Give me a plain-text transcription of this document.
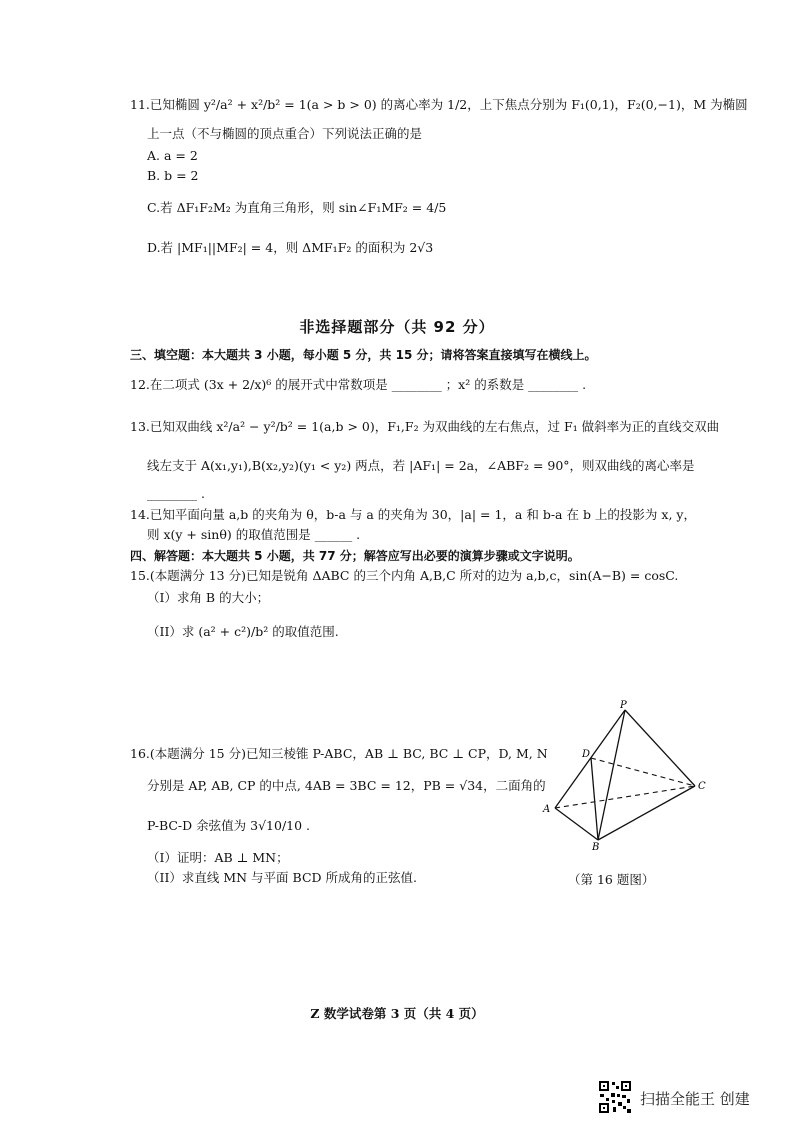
11.已知椭圆 y²/a² + x²/b² = 1(a > b > 0) 的离心率为 1/2，上下焦点分别为 F₁(0,1)，F₂(0,−1)，M 为椭圆
上一点（不与椭圆的顶点重合）下列说法正确的是
A. a = 2
B. b = 2
C.若 ΔF₁F₂M₂ 为直角三角形，则 sin∠F₁MF₂ = 4/5
D.若 |MF₁||MF₂| = 4，则 ΔMF₁F₂ 的面积为 2√3
非选择题部分（共 92 分）
三、填空题：本大题共 3 小题，每小题 5 分，共 15 分；请将答案直接填写在横线上。
12.在二项式 (3x + 2/x)⁶ 的展开式中常数项是 ________ ；x² 的系数是 ________ .
13.已知双曲线 x²/a² − y²/b² = 1(a,b > 0)，F₁,F₂ 为双曲线的左右焦点，过 F₁ 做斜率为正的直线交双曲
线左支于 A(x₁,y₁),B(x₂,y₂)(y₁ < y₂) 两点，若 |AF₁| = 2a，∠ABF₂ = 90°，则双曲线的离心率是
________ .
14.已知平面向量 a,b 的夹角为 θ，b-a 与 a 的夹角为 30，|a| = 1，a 和 b-a 在 b 上的投影为 x, y，
则 x(y + sinθ) 的取值范围是 ______ .
四、解答题：本大题共 5 小题，共 77 分；解答应写出必要的演算步骤或文字说明。
15.(本题满分 13 分)已知是锐角 ΔABC 的三个内角 A,B,C 所对的边为 a,b,c，sin(A−B) = cosC.
（I）求角 B 的大小；
（II）求 (a² + c²)/b² 的取值范围.
16.(本题满分 15 分)已知三棱锥 P-ABC，AB ⊥ BC, BC ⊥ CP，D, M, N
分别是 AP, AB, CP 的中点, 4AB = 3BC = 12，PB = √34，二面角的
P-BC-D 余弦值为 3√10/10 .
（I）证明：AB ⊥ MN；
（II）求直线 MN 与平面 BCD 所成角的正弦值.
P
D
A
B
C
（第 16 题图）
Z 数学试卷第 3 页（共 4 页）
扫描全能王 创建
